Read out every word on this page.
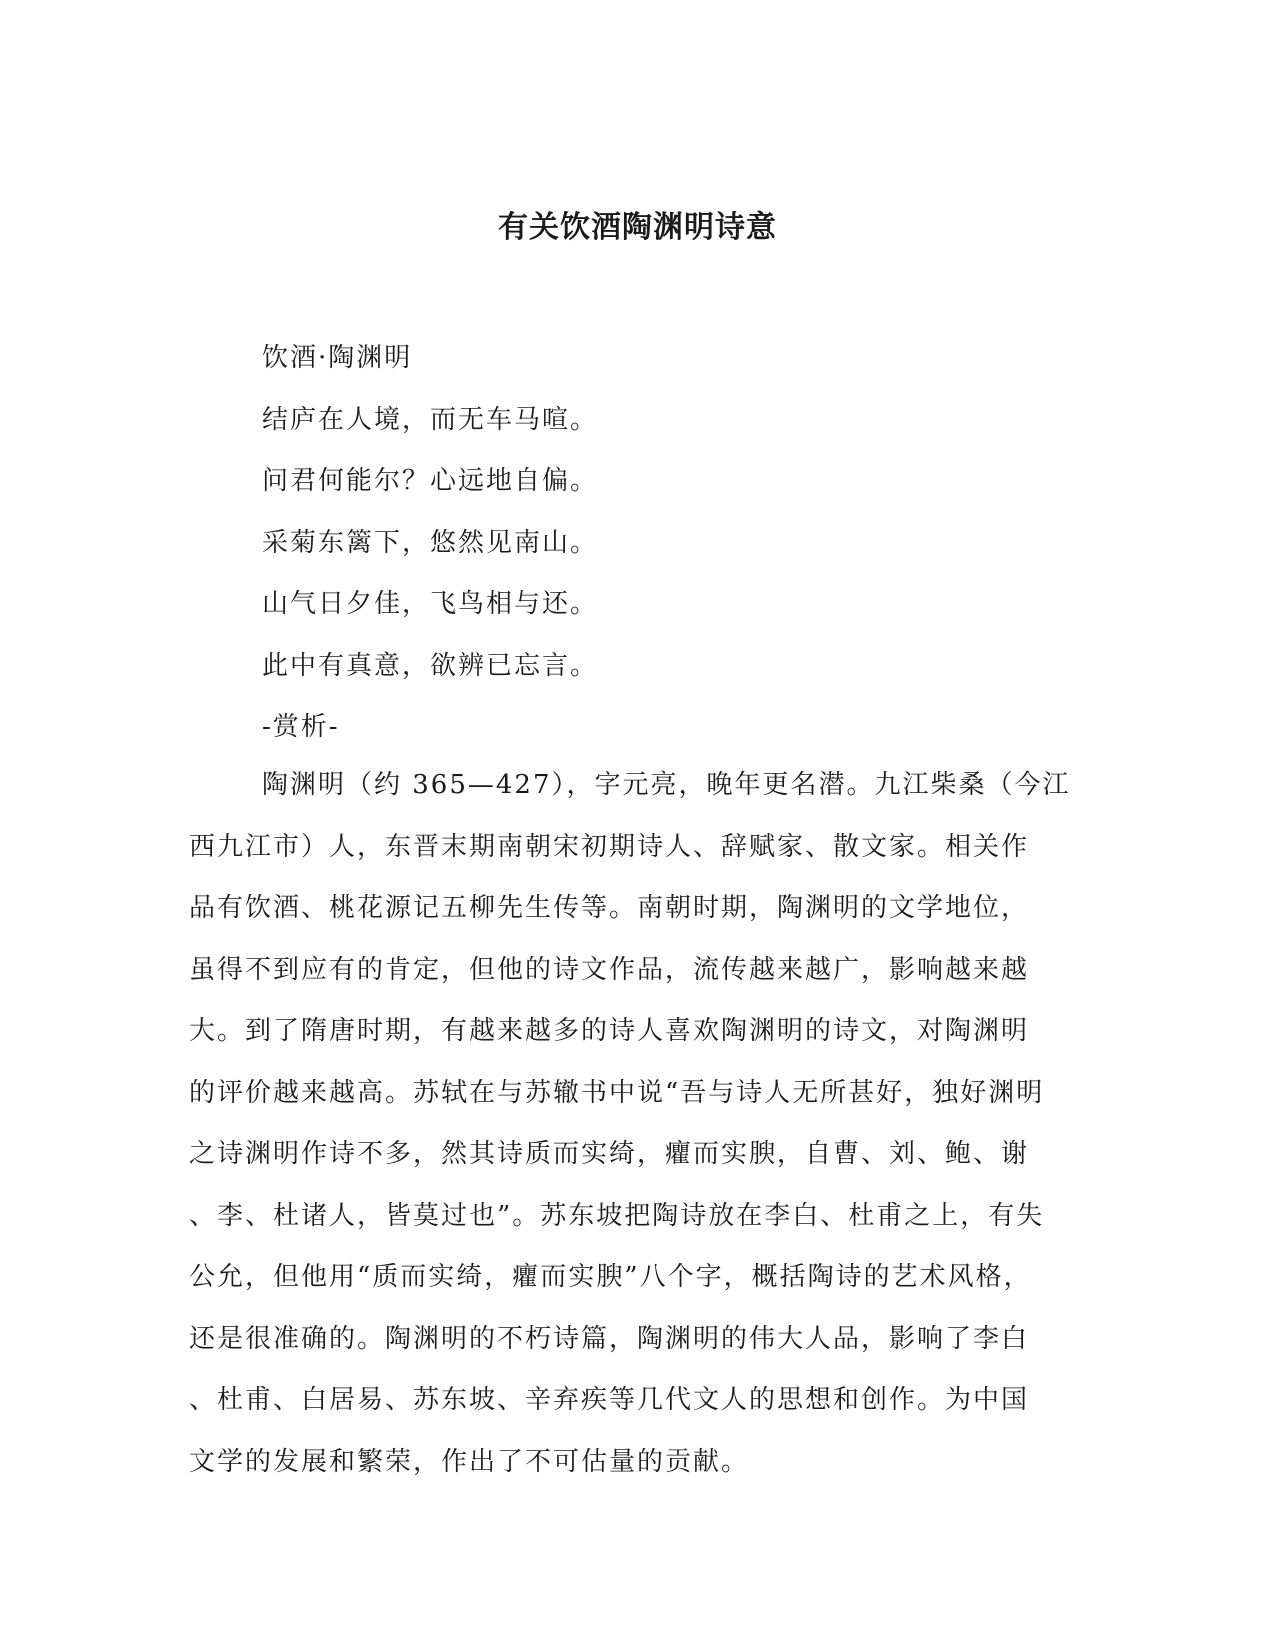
有关饮酒陶渊明诗意
饮酒·陶渊明
结庐在人境，而无车马喧。
问君何能尔？心远地自偏。
采菊东篱下，悠然见南山。
山气日夕佳，飞鸟相与还。
此中有真意，欲辨已忘言。
-赏析-
陶渊明（约 365—427），字元亮，晚年更名潜。九江柴桑（今江
西九江市）人，东晋末期南朝宋初期诗人、辞赋家、散文家。相关作
品有饮酒、桃花源记五柳先生传等。南朝时期，陶渊明的文学地位，
虽得不到应有的肯定，但他的诗文作品，流传越来越广，影响越来越
大。到了隋唐时期，有越来越多的诗人喜欢陶渊明的诗文，对陶渊明
的评价越来越高。苏轼在与苏辙书中说“吾与诗人无所甚好，独好渊明
之诗渊明作诗不多，然其诗质而实绮，癯而实腴，自曹、刘、鲍、谢
、李、杜诸人，皆莫过也”。苏东坡把陶诗放在李白、杜甫之上，有失
公允，但他用“质而实绮，癯而实腴”八个字，概括陶诗的艺术风格，
还是很准确的。陶渊明的不朽诗篇，陶渊明的伟大人品，影响了李白
、杜甫、白居易、苏东坡、辛弃疾等几代文人的思想和创作。为中国
文学的发展和繁荣，作出了不可估量的贡献。
